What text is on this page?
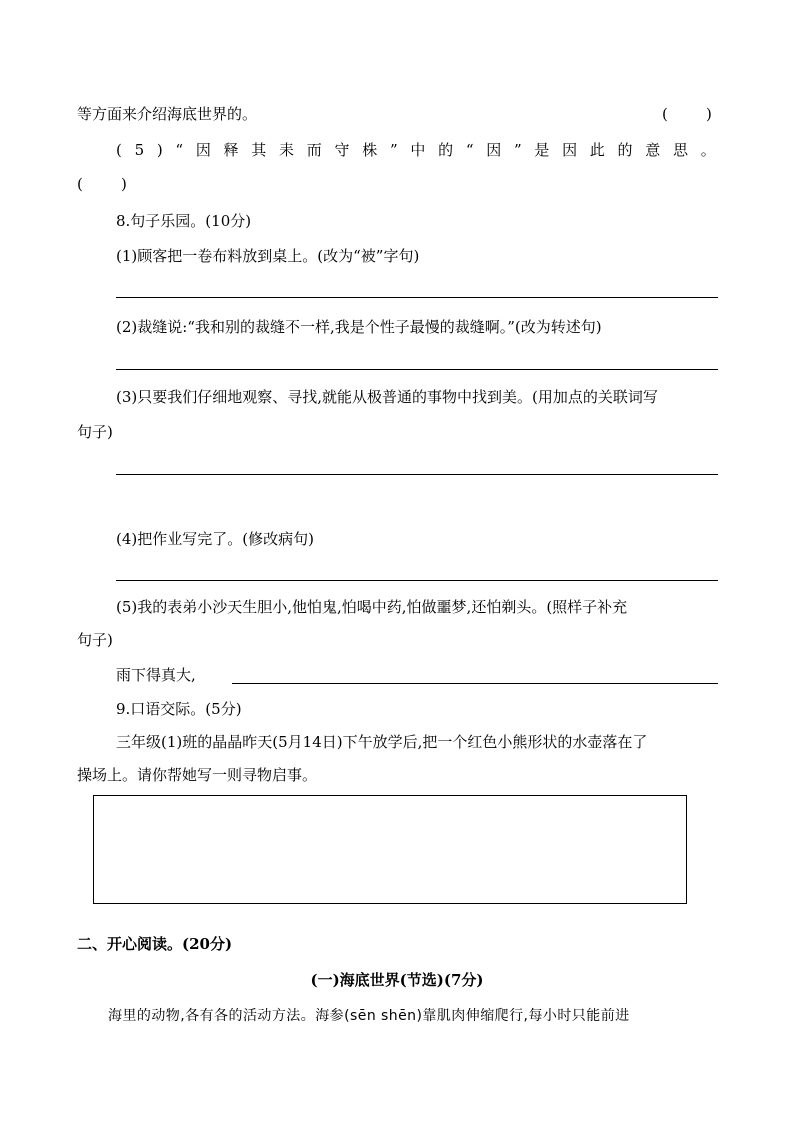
等方面来介绍海底世界的。	(        )
( 5 ) “ 因 释 其 耒 而 守 株 ” 中 的 “ 因 ” 是 因 此 的 意 思 。
(        )
8.句子乐园。(10分)
(1)顾客把一卷布料放到桌上。(改为“被”字句)
(2)裁缝说:“我和别的裁缝不一样,我是个性子最慢的裁缝啊。”(改为转述句)
(3)只要我们仔细地观察、寻找,就能从极普通的事物中找到美。(用加点的关联词写
句子)
(4)把作业写完了。(修改病句)
(5)我的表弟小沙天生胆小,他怕鬼,怕喝中药,怕做噩梦,还怕剃头。(照样子补充
句子)
雨下得真大,
9.口语交际。(5分)
三年级(1)班的晶晶昨天(5月14日)下午放学后,把一个红色小熊形状的水壶落在了
操场上。请你帮她写一则寻物启事。
二、开心阅读。(20分)
(一)海底世界(节选)(7分)
海里的动物,各有各的活动方法。海参(sēn shēn)靠肌肉伸缩爬行,每小时只能前进
